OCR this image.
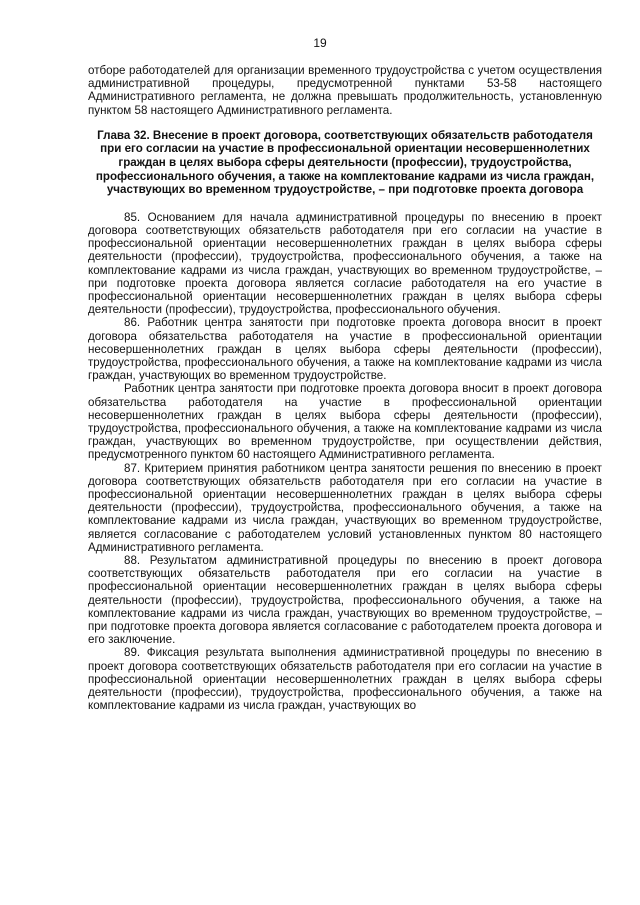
19

отборе работодателей для организации временного трудоустройства с учетом осуществления административной процедуры, предусмотренной пунктами 53-58 настоящего Административного регламента, не должна превышать продолжительность, установленную пунктом 58 настоящего Административного регламента.

Глава 32. Внесение в проект договора, соответствующих обязательств работодателя при его согласии на участие в профессиональной ориентации несовершеннолетних граждан в целях выбора сферы деятельности (профессии), трудоустройства, профессионального обучения, а также на комплектование кадрами из числа граждан, участвующих во временном трудоустройстве, – при подготовке проекта договора

85. Основанием для начала административной процедуры по внесению в проект договора соответствующих обязательств работодателя при его согласии на участие в профессиональной ориентации несовершеннолетних граждан в целях выбора сферы деятельности (профессии), трудоустройства, профессионального обучения, а также на комплектование кадрами из числа граждан, участвующих во временном трудоустройстве, – при подготовке проекта договора является согласие работодателя на его участие в профессиональной ориентации несовершеннолетних граждан в целях выбора сферы деятельности (профессии), трудоустройства, профессионального обучения.

86. Работник центра занятости при подготовке проекта договора вносит в проект договора обязательства работодателя на участие в профессиональной ориентации несовершеннолетних граждан в целях выбора сферы деятельности (профессии), трудоустройства, профессионального обучения, а также на комплектование кадрами из числа граждан, участвующих во временном трудоустройстве.

Работник центра занятости при подготовке проекта договора вносит в проект договора обязательства работодателя на участие в профессиональной ориентации несовершеннолетних граждан в целях выбора сферы деятельности (профессии), трудоустройства, профессионального обучения, а также на комплектование кадрами из числа граждан, участвующих во временном трудоустройстве, при осуществлении действия, предусмотренного пунктом 60 настоящего Административного регламента.

87. Критерием принятия работником центра занятости решения по внесению в проект договора соответствующих обязательств работодателя при его согласии на участие в профессиональной ориентации несовершеннолетних граждан в целях выбора сферы деятельности (профессии), трудоустройства, профессионального обучения, а также на комплектование кадрами из числа граждан, участвующих во временном трудоустройстве, является согласование с работодателем условий установленных пунктом 80 настоящего Административного регламента.

88. Результатом административной процедуры по внесению в проект договора соответствующих обязательств работодателя при его согласии на участие в профессиональной ориентации несовершеннолетних граждан в целях выбора сферы деятельности (профессии), трудоустройства, профессионального обучения, а также на комплектование кадрами из числа граждан, участвующих во временном трудоустройстве, – при подготовке проекта договора является согласование с работодателем проекта договора и его заключение.

89. Фиксация результата выполнения административной процедуры по внесению в проект договора соответствующих обязательств работодателя при его согласии на участие в профессиональной ориентации несовершеннолетних граждан в целях выбора сферы деятельности (профессии), трудоустройства, профессионального обучения, а также на комплектование кадрами из числа граждан, участвующих во
